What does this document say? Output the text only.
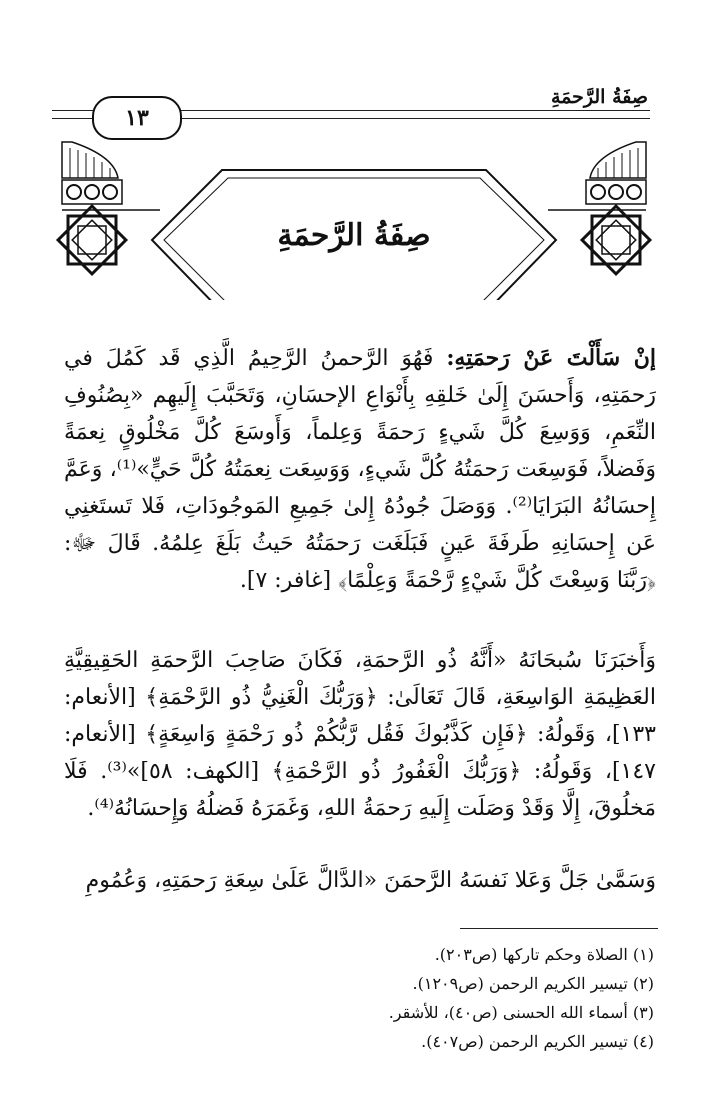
صِفَةُ الرَّحمَةِ
١٣
صِفَةُ الرَّحمَةِ
إنْ سَأَلْتَ عَنْ رَحمَتِهِ: فَهُوَ الرَّحمنُ الرَّحِيمُ الَّذِي قَد كَمُلَ في رَحمَتِهِ، وَأَحسَنَ إِلَىٰ خَلقِهِ بِأَنْوَاعِ الإحسَانِ، وَتَحَبَّبَ إِلَيهِم «بِصُنُوفِ النِّعَمِ، وَوَسِعَ كُلَّ شَيءٍ رَحمَةً وَعِلماً، وَأَوسَعَ كُلَّ مَخْلُوقٍ نِعمَةً وَفَضلاً، فَوَسِعَت رَحمَتُهُ كُلَّ شَيءٍ، وَوَسِعَت نِعمَتُهُ كُلَّ حَيٍّ»⁽¹⁾، وَعَمَّ إِحسَانُهُ البَرَايَا⁽²⁾. وَوَصَلَ جُودُهُ إِلىٰ جَمِيعِ المَوجُودَاتِ، فَلا تَستَغنِي عَن إِحسَانِهِ طَرفَةَ عَينٍ فَبَلَغَت رَحمَتُهُ حَيثُ بَلَغَ عِلمُهُ. قَالَ ﷻ: ﴿رَبَّنَا وَسِعْتَ كُلَّ شَيْءٍ رَّحْمَةً وَعِلْمًا﴾ [غافر: ٧].
وَأَخبَرَنَا سُبحَانَهُ «أَنَّهُ ذُو الرَّحمَةِ، فَكَانَ صَاحِبَ الرَّحمَةِ الحَقِيقِيَّةِ العَظِيمَةِ الوَاسِعَةِ، قَالَ تَعَالَىٰ: ﴿وَرَبُّكَ الْغَنِيُّ ذُو الرَّحْمَةِ﴾ [الأنعام: ١٣٣]، وَقَولُهُ: ﴿فَإِن كَذَّبُوكَ فَقُل رَّبُّكُمْ ذُو رَحْمَةٍ وَاسِعَةٍ﴾ [الأنعام: ١٤٧]، وَقَولُهُ: ﴿وَرَبُّكَ الْغَفُورُ ذُو الرَّحْمَةِ﴾ [الكهف: ٥٨]»⁽³⁾. فَلَا مَخلُوقَ، إِلَّا وَقَدْ وَصَلَت إِلَيهِ رَحمَةُ اللهِ، وَغَمَرَهُ فَضلُهُ وَإِحسَانُهُ⁽⁴⁾.
وَسَمَّىٰ جَلَّ وَعَلا نَفسَهُ الرَّحمَنَ «الدَّالَّ عَلَىٰ سِعَةِ رَحمَتِهِ، وَعُمُومِ
(١) الصلاة وحكم تاركها (ص٢٠٣).
(٢) تيسير الكريم الرحمن (ص١٢٠٩).
(٣) أسماء الله الحسنى (ص٤٠)، للأشقر.
(٤) تيسير الكريم الرحمن (ص٤٠٧).
